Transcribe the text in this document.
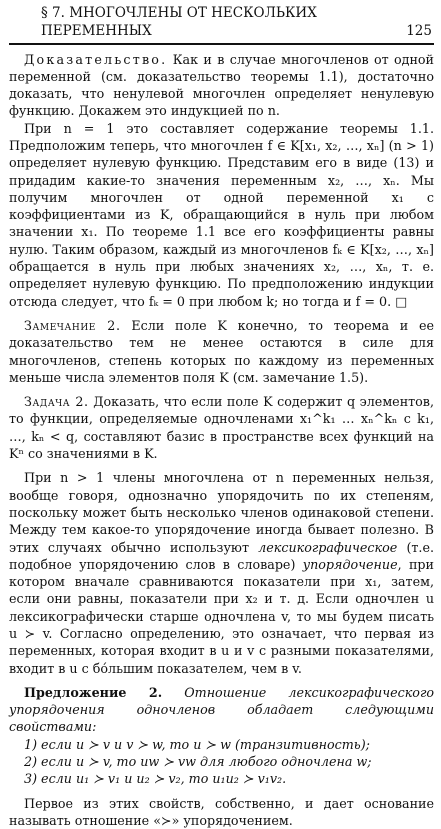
§ 7. МНОГОЧЛЕНЫ ОТ НЕСКОЛЬКИХ ПЕРЕМЕННЫХ	125

Доказательство. Как и в случае многочленов от одной переменной (см. доказательство теоремы 1.1), достаточно доказать, что ненулевой многочлен определяет ненулевую функцию. Докажем это индукцией по n.

При n = 1 это составляет содержание теоремы 1.1. Предположим теперь, что многочлен f ∈ K[x₁, x₂, …, xₙ] (n > 1) определяет нулевую функцию. Представим его в виде (13) и придадим какие-то значения переменным x₂, …, xₙ. Мы получим многочлен от одной переменной x₁ с коэффициентами из K, обращающийся в нуль при любом значении x₁. По теореме 1.1 все его коэффициенты равны нулю. Таким образом, каждый из многочленов fₖ ∈ K[x₂, …, xₙ] обращается в нуль при любых значениях x₂, …, xₙ, т. е. определяет нулевую функцию. По предположению индукции отсюда следует, что fₖ = 0 при любом k; но тогда и f = 0. □

Замечание 2. Если поле K конечно, то теорема и ее доказательство тем не менее остаются в силе для многочленов, степень которых по каждому из переменных меньше числа элементов поля K (см. замечание 1.5).

Задача 2. Доказать, что если поле K содержит q элементов, то функции, определяемые одночленами x₁^k₁ … xₙ^kₙ с k₁, …, kₙ < q, составляют базис в пространстве всех функций на Kⁿ со значениями в K.

При n > 1 члены многочлена от n переменных нельзя, вообще говоря, однозначно упорядочить по их степеням, поскольку может быть несколько членов одинаковой степени. Между тем какое-то упорядочение иногда бывает полезно. В этих случаях обычно используют лексикографическое (т.е. подобное упорядочению слов в словаре) упорядочение, при котором вначале сравниваются показатели при x₁, затем, если они равны, показатели при x₂ и т. д. Если одночлен u лексикографически старше одночлена v, то мы будем писать u ≻ v. Согласно определению, это означает, что первая из переменных, которая входит в u и v с разными показателями, входит в u с бо́льшим показателем, чем в v.

Предложение 2. Отношение лексикографического упорядочения одночленов обладает следующими свойствами:

1) если u ≻ v и v ≻ w, то u ≻ w (транзитивность);

2) если u ≻ v, то uw ≻ vw для любого одночлена w;

3) если u₁ ≻ v₁ и u₂ ≻ v₂, то u₁u₂ ≻ v₁v₂.

Первое из этих свойств, собственно, и дает основание называть отношение «≻» упорядочением.
